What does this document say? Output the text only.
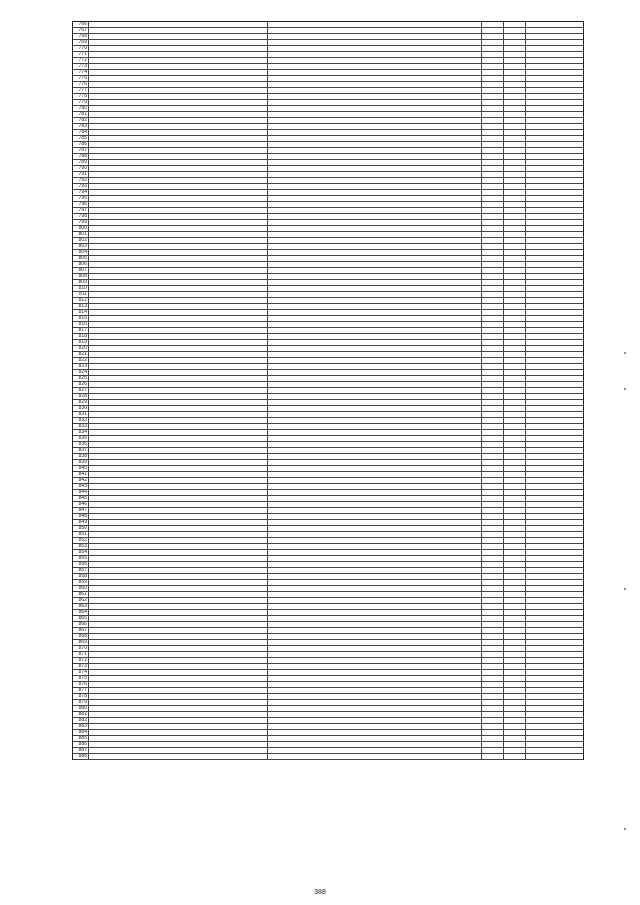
766
767
768
769
770
771
772
773
774
775
776
777
778
779
780
781
782
783
784
785
786
787
788
789
790
791
792
793
794
795
796
797
798
799
800
801
802
803
804
805
806
807
808
809
810
811
812
813
814
815
816
817
818
819
820
821
822
823
824
825
826
827
828
829
830
831
832
833
834
835
836
837
838
839
840
841
842
843
844
845
846
847
848
849
850
851
852
853
854
855
856
857
858
859
860
861
862
863
864
865
866
867
868
869
870
871
872
873
874
875
876
877
878
879
880
881
882
883
884
885
886
887
888
388
